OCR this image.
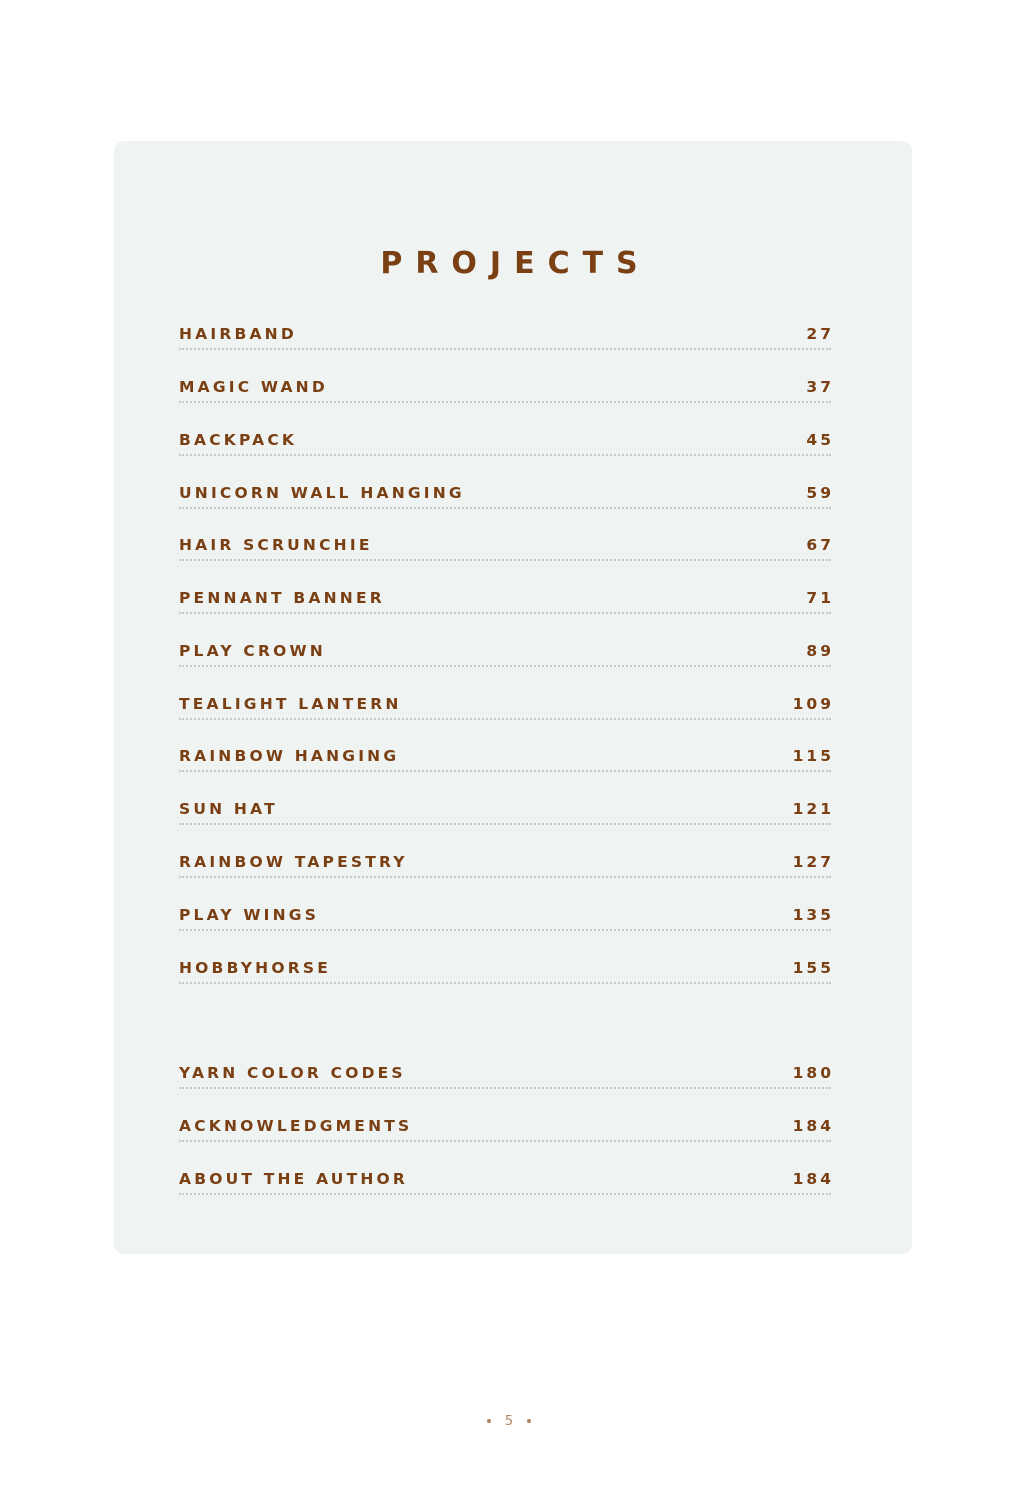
PROJECTS
HAIRBAND	27
MAGIC WAND	37
BACKPACK	45
UNICORN WALL HANGING	59
HAIR SCRUNCHIE	67
PENNANT BANNER	71
PLAY CROWN	89
TEALIGHT LANTERN	109
RAINBOW HANGING	115
SUN HAT	121
RAINBOW TAPESTRY	127
PLAY WINGS	135
HOBBYHORSE	155
YARN COLOR CODES	180
ACKNOWLEDGMENTS	184
ABOUT THE AUTHOR	184
5
